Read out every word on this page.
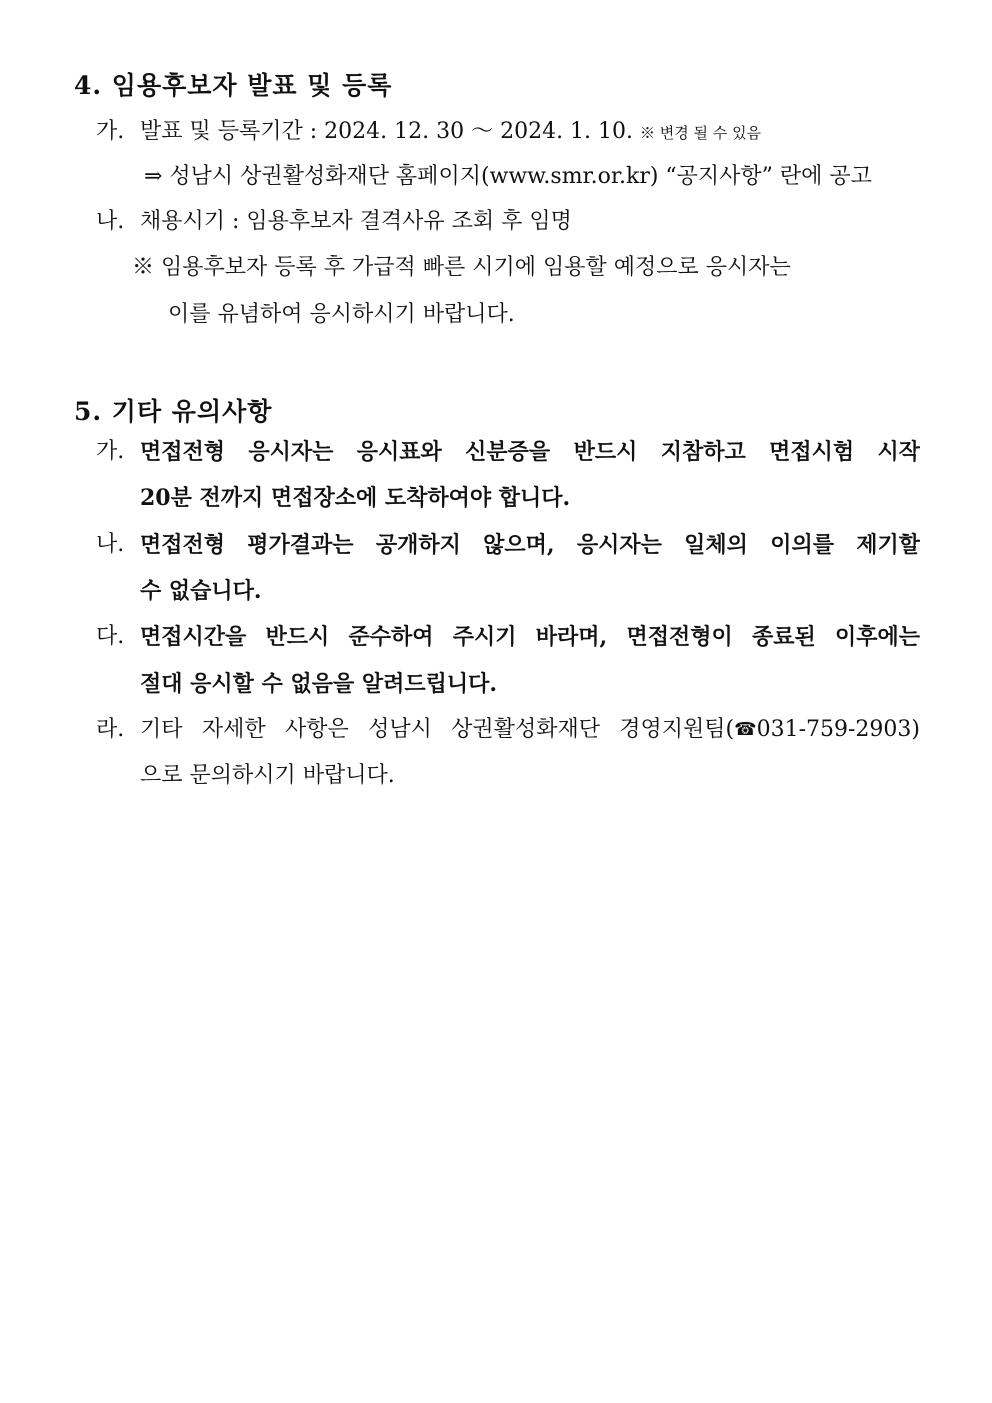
4. 임용후보자 발표 및 등록
가. 발표 및 등록기간 : 2024. 12. 30 ～ 2024. 1. 10. ※ 변경 될 수 있음
⇒ 성남시 상권활성화재단 홈페이지(www.smr.or.kr) “공지사항” 란에 공고
나. 채용시기 : 임용후보자 결격사유 조회 후 임명
※ 임용후보자 등록 후 가급적 빠른 시기에 임용할 예정으로 응시자는
이를 유념하여 응시하시기 바랍니다.
5. 기타 유의사항
가. 면접전형 응시자는 응시표와 신분증을 반드시 지참하고 면접시험 시작
20분 전까지 면접장소에 도착하여야 합니다.
나. 면접전형 평가결과는 공개하지 않으며, 응시자는 일체의 이의를 제기할
수 없습니다.
다. 면접시간을 반드시 준수하여 주시기 바라며, 면접전형이 종료된 이후에는
절대 응시할 수 없음을 알려드립니다.
라. 기타 자세한 사항은 성남시 상권활성화재단 경영지원팀(☎031-759-2903)
으로 문의하시기 바랍니다.
